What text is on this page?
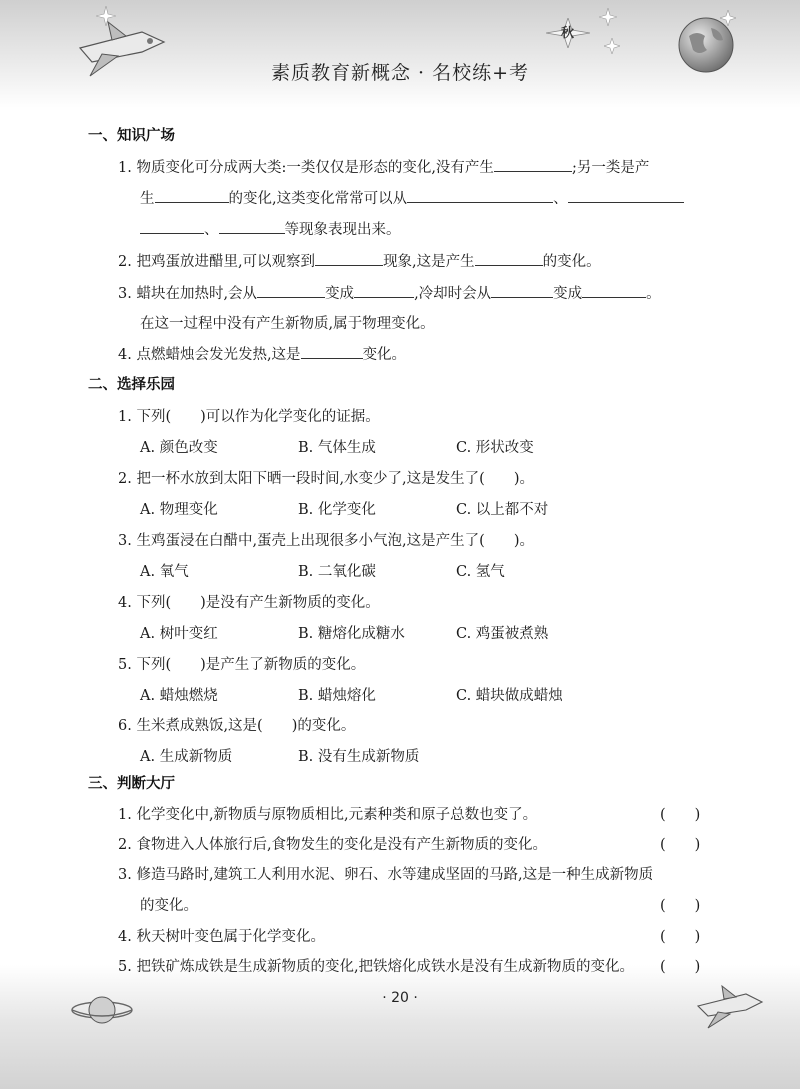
秋
素质教育新概念 · 名校练+考
一、知识广场
1. 物质变化可分成两大类:一类仅仅是形态的变化,没有产生	;另一类是产
生	的变化,这类变化常常可以从	、
、	等现象表现出来。
2. 把鸡蛋放进醋里,可以观察到	现象,这是产生	的变化。
3. 蜡块在加热时,会从	变成	,冷却时会从	变成	。
在这一过程中没有产生新物质,属于物理变化。
4. 点燃蜡烛会发光发热,这是	变化。
二、选择乐园
1. 下列(　　)可以作为化学变化的证据。
A. 颜色改变	B. 气体生成	C. 形状改变
2. 把一杯水放到太阳下晒一段时间,水变少了,这是发生了(　　)。
A. 物理变化	B. 化学变化	C. 以上都不对
3. 生鸡蛋浸在白醋中,蛋壳上出现很多小气泡,这是产生了(　　)。
A. 氧气	B. 二氧化碳	C. 氢气
4. 下列(　　)是没有产生新物质的变化。
A. 树叶变红	B. 糖熔化成糖水	C. 鸡蛋被煮熟
5. 下列(　　)是产生了新物质的变化。
A. 蜡烛燃烧	B. 蜡烛熔化	C. 蜡块做成蜡烛
6. 生米煮成熟饭,这是(　　)的变化。
A. 生成新物质	B. 没有生成新物质
三、判断大厅
1. 化学变化中,新物质与原物质相比,元素种类和原子总数也变了。	(　　)
2. 食物进入人体旅行后,食物发生的变化是没有产生新物质的变化。	(　　)
3. 修造马路时,建筑工人利用水泥、卵石、水等建成坚固的马路,这是一种生成新物质
的变化。	(　　)
4. 秋天树叶变色属于化学变化。	(　　)
5. 把铁矿炼成铁是生成新物质的变化,把铁熔化成铁水是没有生成新物质的变化。 (　　)
· 20 ·
